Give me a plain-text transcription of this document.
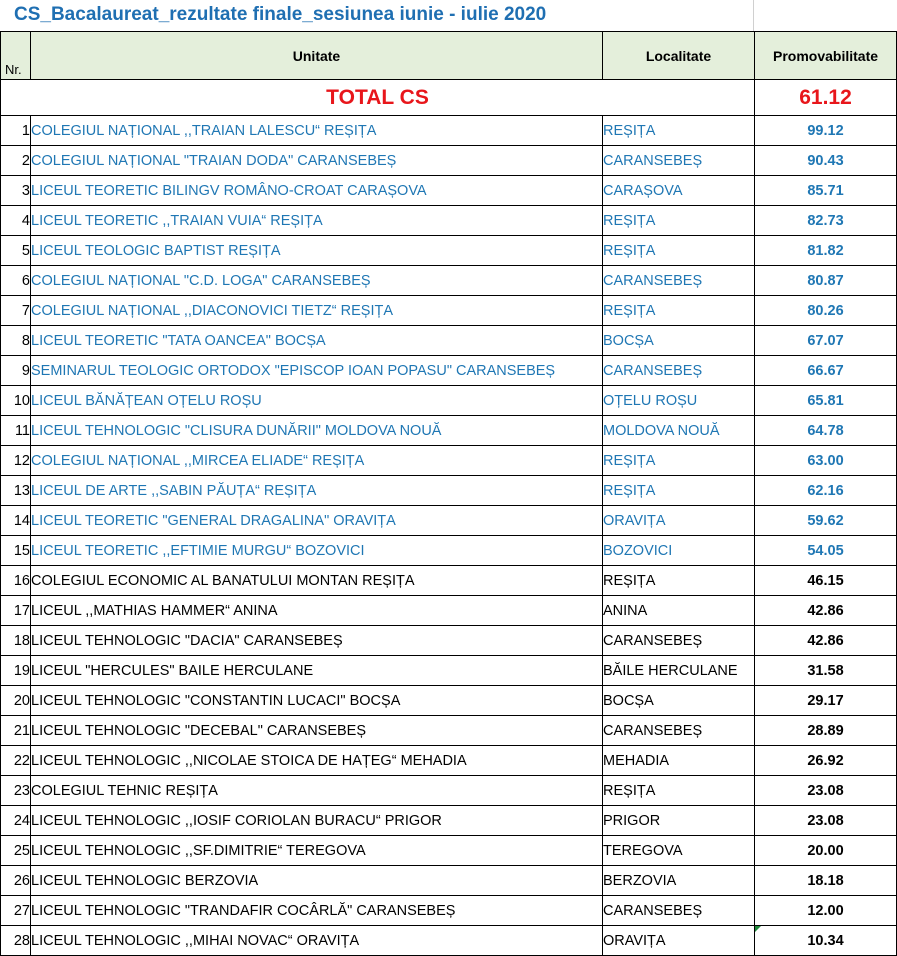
CS_Bacalaureat_rezultate finale_sesiunea iunie - iulie 2020
Nr.	Unitate	Localitate	Promovabilitate
TOTAL CS			61.12
1	COLEGIUL NAȚIONAL ,,TRAIAN LALESCU“ REȘIȚA	REȘIȚA	99.12
2	COLEGIUL NAȚIONAL "TRAIAN DODA" CARANSEBEȘ	CARANSEBEȘ	90.43
3	LICEUL TEORETIC BILINGV ROMÂNO-CROAT CARAȘOVA	CARAȘOVA	85.71
4	LICEUL TEORETIC ,,TRAIAN VUIA“ REȘIȚA	REȘIȚA	82.73
5	LICEUL TEOLOGIC BAPTIST REȘIȚA	REȘIȚA	81.82
6	COLEGIUL NAȚIONAL "C.D. LOGA" CARANSEBEȘ	CARANSEBEȘ	80.87
7	COLEGIUL NAȚIONAL ,,DIACONOVICI TIETZ“ REȘIȚA	REȘIȚA	80.26
8	LICEUL TEORETIC "TATA OANCEA" BOCȘA	BOCȘA	67.07
9	SEMINARUL TEOLOGIC ORTODOX "EPISCOP IOAN POPASU" CARANSEBEȘ	CARANSEBEȘ	66.67
10	LICEUL BĂNĂȚEAN OȚELU ROȘU	OȚELU ROȘU	65.81
11	LICEUL TEHNOLOGIC "CLISURA DUNĂRII" MOLDOVA NOUĂ	MOLDOVA NOUĂ	64.78
12	COLEGIUL NAȚIONAL ,,MIRCEA ELIADE“ REȘIȚA	REȘIȚA	63.00
13	LICEUL DE ARTE ,,SABIN PĂUȚA“ REȘIȚA	REȘIȚA	62.16
14	LICEUL TEORETIC "GENERAL DRAGALINA" ORAVIȚA	ORAVIȚA	59.62
15	LICEUL TEORETIC ,,EFTIMIE MURGU“ BOZOVICI	BOZOVICI	54.05
16	COLEGIUL ECONOMIC AL BANATULUI MONTAN REȘIȚA	REȘIȚA	46.15
17	LICEUL ,,MATHIAS HAMMER“ ANINA	ANINA	42.86
18	LICEUL TEHNOLOGIC "DACIA" CARANSEBEȘ	CARANSEBEȘ	42.86
19	LICEUL "HERCULES" BAILE HERCULANE	BĂILE HERCULANE	31.58
20	LICEUL TEHNOLOGIC "CONSTANTIN LUCACI" BOCȘA	BOCȘA	29.17
21	LICEUL TEHNOLOGIC "DECEBAL" CARANSEBEȘ	CARANSEBEȘ	28.89
22	LICEUL TEHNOLOGIC ,,NICOLAE STOICA DE HAȚEG“ MEHADIA	MEHADIA	26.92
23	COLEGIUL TEHNIC REȘIȚA	REȘIȚA	23.08
24	LICEUL TEHNOLOGIC ,,IOSIF CORIOLAN BURACU“ PRIGOR	PRIGOR	23.08
25	LICEUL TEHNOLOGIC ,,SF.DIMITRIE“ TEREGOVA	TEREGOVA	20.00
26	LICEUL TEHNOLOGIC BERZOVIA	BERZOVIA	18.18
27	LICEUL TEHNOLOGIC "TRANDAFIR COCÂRLĂ" CARANSEBEȘ	CARANSEBEȘ	12.00
28	LICEUL TEHNOLOGIC ,,MIHAI NOVAC“ ORAVIȚA	ORAVIȚA	10.34
